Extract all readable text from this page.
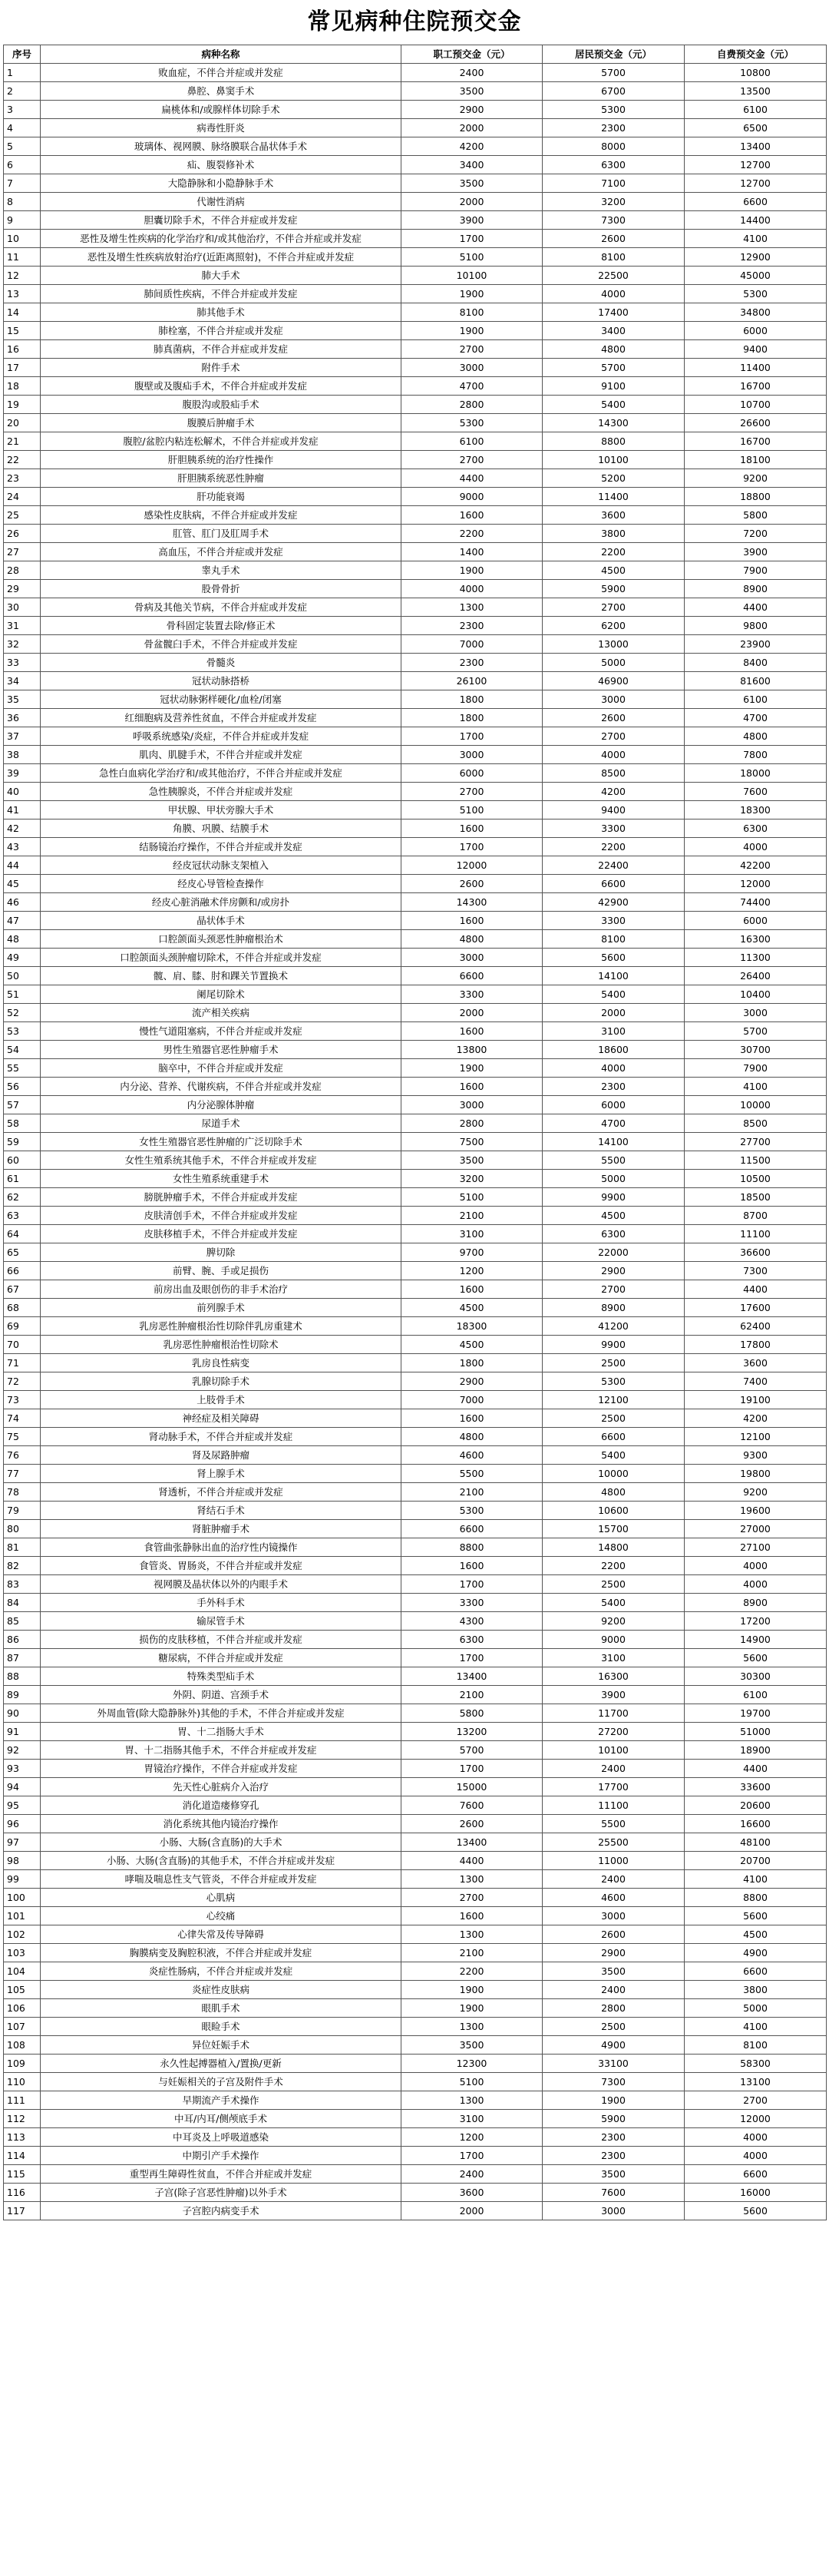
常见病种住院预交金
序号	病种名称	职工预交金（元）	居民预交金（元）	自费预交金（元）
1	败血症，不伴合并症或并发症	2400	5700	10800
2	鼻腔、鼻窦手术	3500	6700	13500
3	扁桃体和/或腺样体切除手术	2900	5300	6100
4	病毒性肝炎	2000	2300	6500
5	玻璃体、视网膜、脉络膜联合晶状体手术	4200	8000	13400
6	疝、腹裂修补术	3400	6300	12700
7	大隐静脉和小隐静脉手术	3500	7100	12700
8	代谢性消病	2000	3200	6600
9	胆囊切除手术，不伴合并症或并发症	3900	7300	14400
10	恶性及增生性疾病的化学治疗和/或其他治疗，不伴合并症或并发症	1700	2600	4100
11	恶性及增生性疾病放射治疗(近距离照射)，不伴合并症或并发症	5100	8100	12900
12	肺大手术	10100	22500	45000
13	肺间质性疾病，不伴合并症或并发症	1900	4000	5300
14	肺其他手术	8100	17400	34800
15	肺栓塞，不伴合并症或并发症	1900	3400	6000
16	肺真菌病，不伴合并症或并发症	2700	4800	9400
17	附件手术	3000	5700	11400
18	腹壁或及腹疝手术，不伴合并症或并发症	4700	9100	16700
19	腹股沟或股疝手术	2800	5400	10700
20	腹膜后肿瘤手术	5300	14300	26600
21	腹腔/盆腔内粘连松解术，不伴合并症或并发症	6100	8800	16700
22	肝胆胰系统的治疗性操作	2700	10100	18100
23	肝胆胰系统恶性肿瘤	4400	5200	9200
24	肝功能衰竭	9000	11400	18800
25	感染性皮肤病，不伴合并症或并发症	1600	3600	5800
26	肛管、肛门及肛周手术	2200	3800	7200
27	高血压，不伴合并症或并发症	1400	2200	3900
28	睾丸手术	1900	4500	7900
29	股骨骨折	4000	5900	8900
30	骨病及其他关节病，不伴合并症或并发症	1300	2700	4400
31	骨科固定装置去除/修正术	2300	6200	9800
32	骨盆髋臼手术，不伴合并症或并发症	7000	13000	23900
33	骨髓炎	2300	5000	8400
34	冠状动脉搭桥	26100	46900	81600
35	冠状动脉粥样硬化/血栓/闭塞	1800	3000	6100
36	红细胞病及营养性贫血，不伴合并症或并发症	1800	2600	4700
37	呼吸系统感染/炎症，不伴合并症或并发症	1700	2700	4800
38	肌肉、肌腱手术，不伴合并症或并发症	3000	4000	7800
39	急性白血病化学治疗和/或其他治疗，不伴合并症或并发症	6000	8500	18000
40	急性胰腺炎，不伴合并症或并发症	2700	4200	7600
41	甲状腺、甲状旁腺大手术	5100	9400	18300
42	角膜、巩膜、结膜手术	1600	3300	6300
43	结肠镜治疗操作，不伴合并症或并发症	1700	2200	4000
44	经皮冠状动脉支架植入	12000	22400	42200
45	经皮心导管检查操作	2600	6600	12000
46	经皮心脏消融术伴房颤和/或房扑	14300	42900	74400
47	晶状体手术	1600	3300	6000
48	口腔颌面头颈恶性肿瘤根治术	4800	8100	16300
49	口腔颌面头颈肿瘤切除术，不伴合并症或并发症	3000	5600	11300
50	髋、肩、膝、肘和踝关节置换术	6600	14100	26400
51	阑尾切除术	3300	5400	10400
52	流产相关疾病	2000	2000	3000
53	慢性气道阻塞病，不伴合并症或并发症	1600	3100	5700
54	男性生殖器官恶性肿瘤手术	13800	18600	30700
55	脑卒中，不伴合并症或并发症	1900	4000	7900
56	内分泌、营养、代谢疾病，不伴合并症或并发症	1600	2300	4100
57	内分泌腺体肿瘤	3000	6000	10000
58	尿道手术	2800	4700	8500
59	女性生殖器官恶性肿瘤的广泛切除手术	7500	14100	27700
60	女性生殖系统其他手术，不伴合并症或并发症	3500	5500	11500
61	女性生殖系统重建手术	3200	5000	10500
62	膀胱肿瘤手术，不伴合并症或并发症	5100	9900	18500
63	皮肤清创手术，不伴合并症或并发症	2100	4500	8700
64	皮肤移植手术，不伴合并症或并发症	3100	6300	11100
65	脾切除	9700	22000	36600
66	前臂、腕、手或足损伤	1200	2900	7300
67	前房出血及眼创伤的非手术治疗	1600	2700	4400
68	前列腺手术	4500	8900	17600
69	乳房恶性肿瘤根治性切除伴乳房重建术	18300	41200	62400
70	乳房恶性肿瘤根治性切除术	4500	9900	17800
71	乳房良性病变	1800	2500	3600
72	乳腺切除手术	2900	5300	7400
73	上肢骨手术	7000	12100	19100
74	神经症及相关障碍	1600	2500	4200
75	肾动脉手术，不伴合并症或并发症	4800	6600	12100
76	肾及尿路肿瘤	4600	5400	9300
77	肾上腺手术	5500	10000	19800
78	肾透析，不伴合并症或并发症	2100	4800	9200
79	肾结石手术	5300	10600	19600
80	肾脏肿瘤手术	6600	15700	27000
81	食管曲张静脉出血的治疗性内镜操作	8800	14800	27100
82	食管炎、胃肠炎，不伴合并症或并发症	1600	2200	4000
83	视网膜及晶状体以外的内眼手术	1700	2500	4000
84	手外科手术	3300	5400	8900
85	输尿管手术	4300	9200	17200
86	损伤的皮肤移植，不伴合并症或并发症	6300	9000	14900
87	糖尿病，不伴合并症或并发症	1700	3100	5600
88	特殊类型疝手术	13400	16300	30300
89	外阴、阴道、宫颈手术	2100	3900	6100
90	外周血管(除大隐静脉外)其他的手术，不伴合并症或并发症	5800	11700	19700
91	胃、十二指肠大手术	13200	27200	51000
92	胃、十二指肠其他手术，不伴合并症或并发症	5700	10100	18900
93	胃镜治疗操作，不伴合并症或并发症	1700	2400	4400
94	先天性心脏病介入治疗	15000	17700	33600
95	消化道造瘘修穿孔	7600	11100	20600
96	消化系统其他内镜治疗操作	2600	5500	16600
97	小肠、大肠(含直肠)的大手术	13400	25500	48100
98	小肠、大肠(含直肠)的其他手术，不伴合并症或并发症	4400	11000	20700
99	哮喘及喘息性支气管炎，不伴合并症或并发症	1300	2400	4100
100	心肌病	2700	4600	8800
101	心绞痛	1600	3000	5600
102	心律失常及传导障碍	1300	2600	4500
103	胸膜病变及胸腔积液，不伴合并症或并发症	2100	2900	4900
104	炎症性肠病，不伴合并症或并发症	2200	3500	6600
105	炎症性皮肤病	1900	2400	3800
106	眼肌手术	1900	2800	5000
107	眼睑手术	1300	2500	4100
108	异位妊娠手术	3500	4900	8100
109	永久性起搏器植入/置换/更新	12300	33100	58300
110	与妊娠相关的子宫及附件手术	5100	7300	13100
111	早期流产手术操作	1300	1900	2700
112	中耳/内耳/侧颅底手术	3100	5900	12000
113	中耳炎及上呼吸道感染	1200	2300	4000
114	中期引产手术操作	1700	2300	4000
115	重型再生障碍性贫血，不伴合并症或并发症	2400	3500	6600
116	子宫(除子宫恶性肿瘤)以外手术	3600	7600	16000
117	子宫腔内病变手术	2000	3000	5600
